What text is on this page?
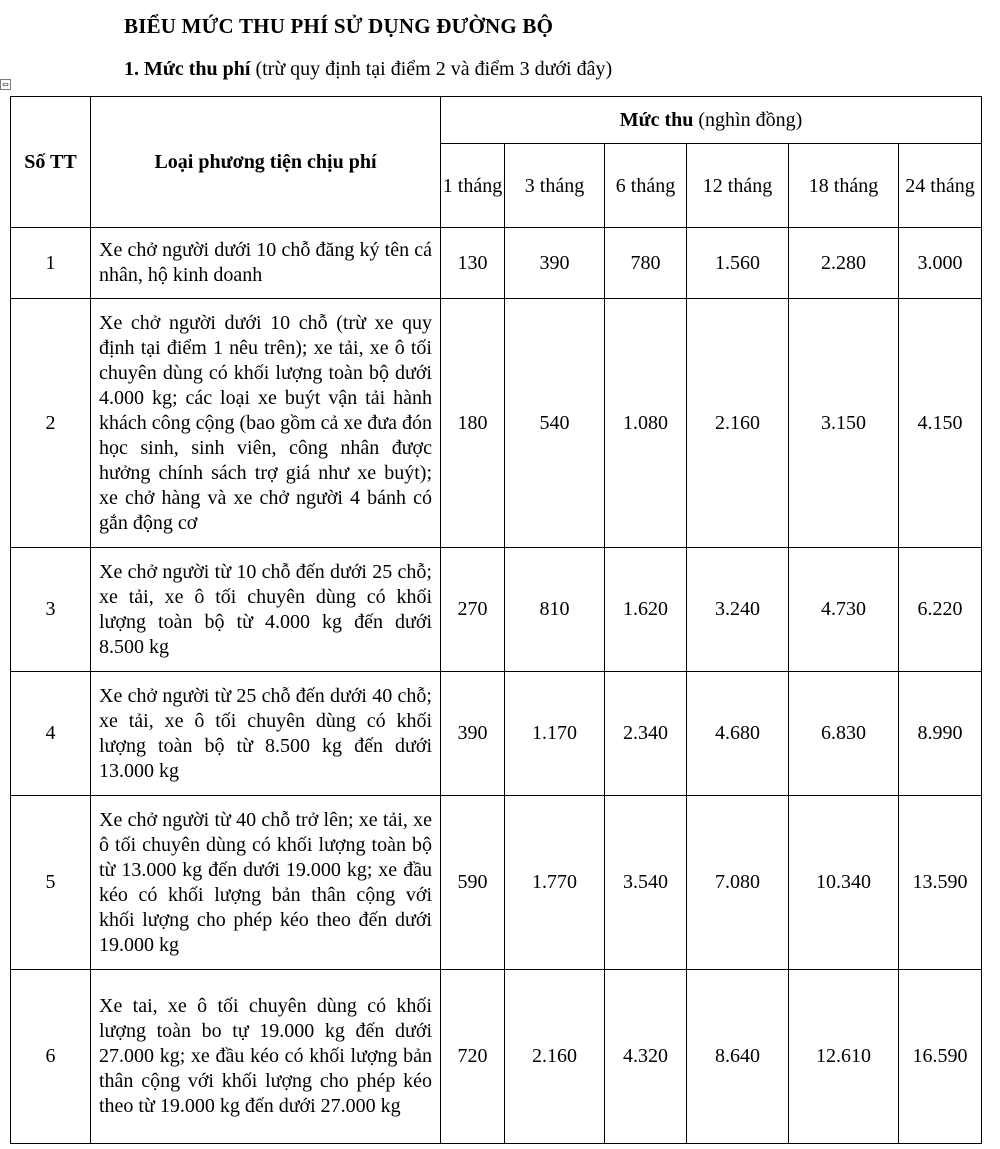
BIỂU MỨC THU PHÍ SỬ DỤNG ĐƯỜNG BỘ
1. Mức thu phí (trừ quy định tại điểm 2 và điểm 3 dưới đây)
⇔
Số TT	Loại phương tiện chịu phí	Mức thu (nghìn đồng)					
		1 tháng	3 tháng	6 tháng	12 tháng	18 tháng	24 tháng
1	Xe chở người dưới 10 chỗ đăng ký tên cá nhân, hộ kinh doanh	130	390	780	1.560	2.280	3.000
2	Xe chở người dưới 10 chỗ (trừ xe quy định tại điểm 1 nêu trên); xe tải, xe ô tối chuyên dùng có khối lượng toàn bộ dưới 4.000 kg; các loại xe buýt vận tải hành khách công cộng (bao gồm cả xe đưa đón học sinh, sinh viên, công nhân được hưởng chính sách trợ giá như xe buýt); xe chở hàng và xe chở người 4 bánh có gắn động cơ	180	540	1.080	2.160	3.150	4.150
3	Xe chở người từ 10 chỗ đến dưới 25 chỗ; xe tải, xe ô tối chuyên dùng có khối lượng toàn bộ từ 4.000 kg đến dưới 8.500 kg	270	810	1.620	3.240	4.730	6.220
4	Xe chở người từ 25 chỗ đến dưới 40 chỗ; xe tải, xe ô tối chuyên dùng có khối lượng toàn bộ từ 8.500 kg đến dưới 13.000 kg	390	1.170	2.340	4.680	6.830	8.990
5	Xe chở người từ 40 chỗ trở lên; xe tải, xe ô tối chuyên dùng có khối lượng toàn bộ từ 13.000 kg đến dưới 19.000 kg; xe đầu kéo có khối lượng bản thân cộng với khối lượng cho phép kéo theo đến dưới 19.000 kg	590	1.770	3.540	7.080	10.340	13.590
6	Xe tai, xe ô tối chuyên dùng có khối lượng toàn bo tự 19.000 kg đến dưới 27.000 kg; xe đầu kéo có khối lượng bản thân cộng với khối lượng cho phép kéo theo từ 19.000 kg đến dưới 27.000 kg	720	2.160	4.320	8.640	12.610	16.590
